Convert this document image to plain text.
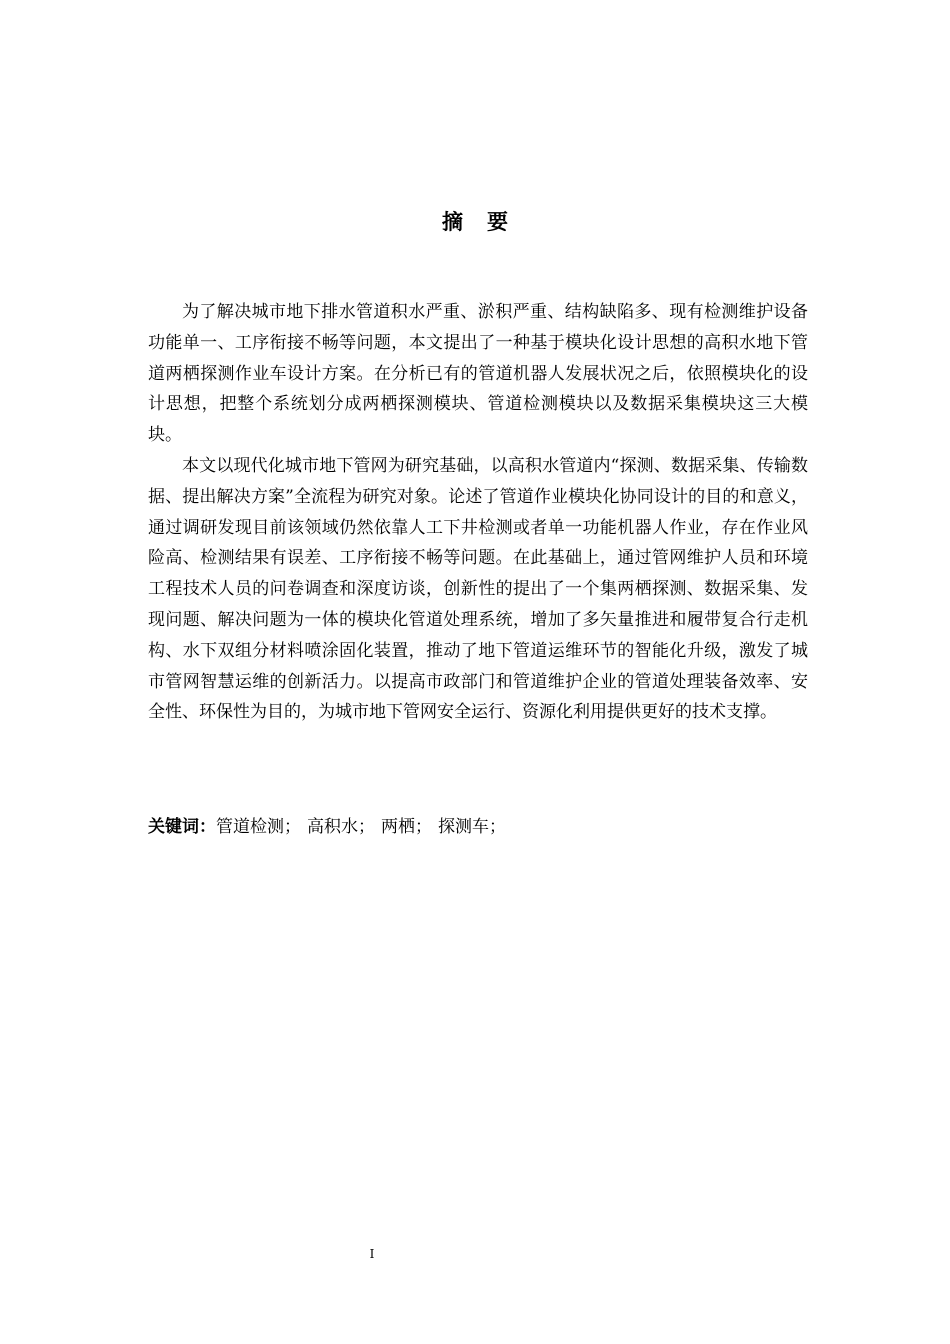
摘要

为了解决城市地下排水管道积水严重、淤积严重、结构缺陷多、现有检测维护设备功能单一、工序衔接不畅等问题，本文提出了一种基于模块化设计思想的高积水地下管道两栖探测作业车设计方案。在分析已有的管道机器人发展状况之后，依照模块化的设计思想，把整个系统划分成两栖探测模块、管道检测模块以及数据采集模块这三大模块。

本文以现代化城市地下管网为研究基础，以高积水管道内“探测、数据采集、传输数据、提出解决方案”全流程为研究对象。论述了管道作业模块化协同设计的目的和意义，通过调研发现目前该领域仍然依靠人工下井检测或者单一功能机器人作业，存在作业风险高、检测结果有误差、工序衔接不畅等问题。在此基础上，通过管网维护人员和环境工程技术人员的问卷调查和深度访谈，创新性的提出了一个集两栖探测、数据采集、发现问题、解决问题为一体的模块化管道处理系统，增加了多矢量推进和履带复合行走机构、水下双组分材料喷涂固化装置，推动了地下管道运维环节的智能化升级，激发了城市管网智慧运维的创新活力。以提高市政部门和管道维护企业的管道处理装备效率、安全性、环保性为目的，为城市地下管网安全运行、资源化利用提供更好的技术支撑。

关键词：管道检测； 高积水； 两栖； 探测车；
I
